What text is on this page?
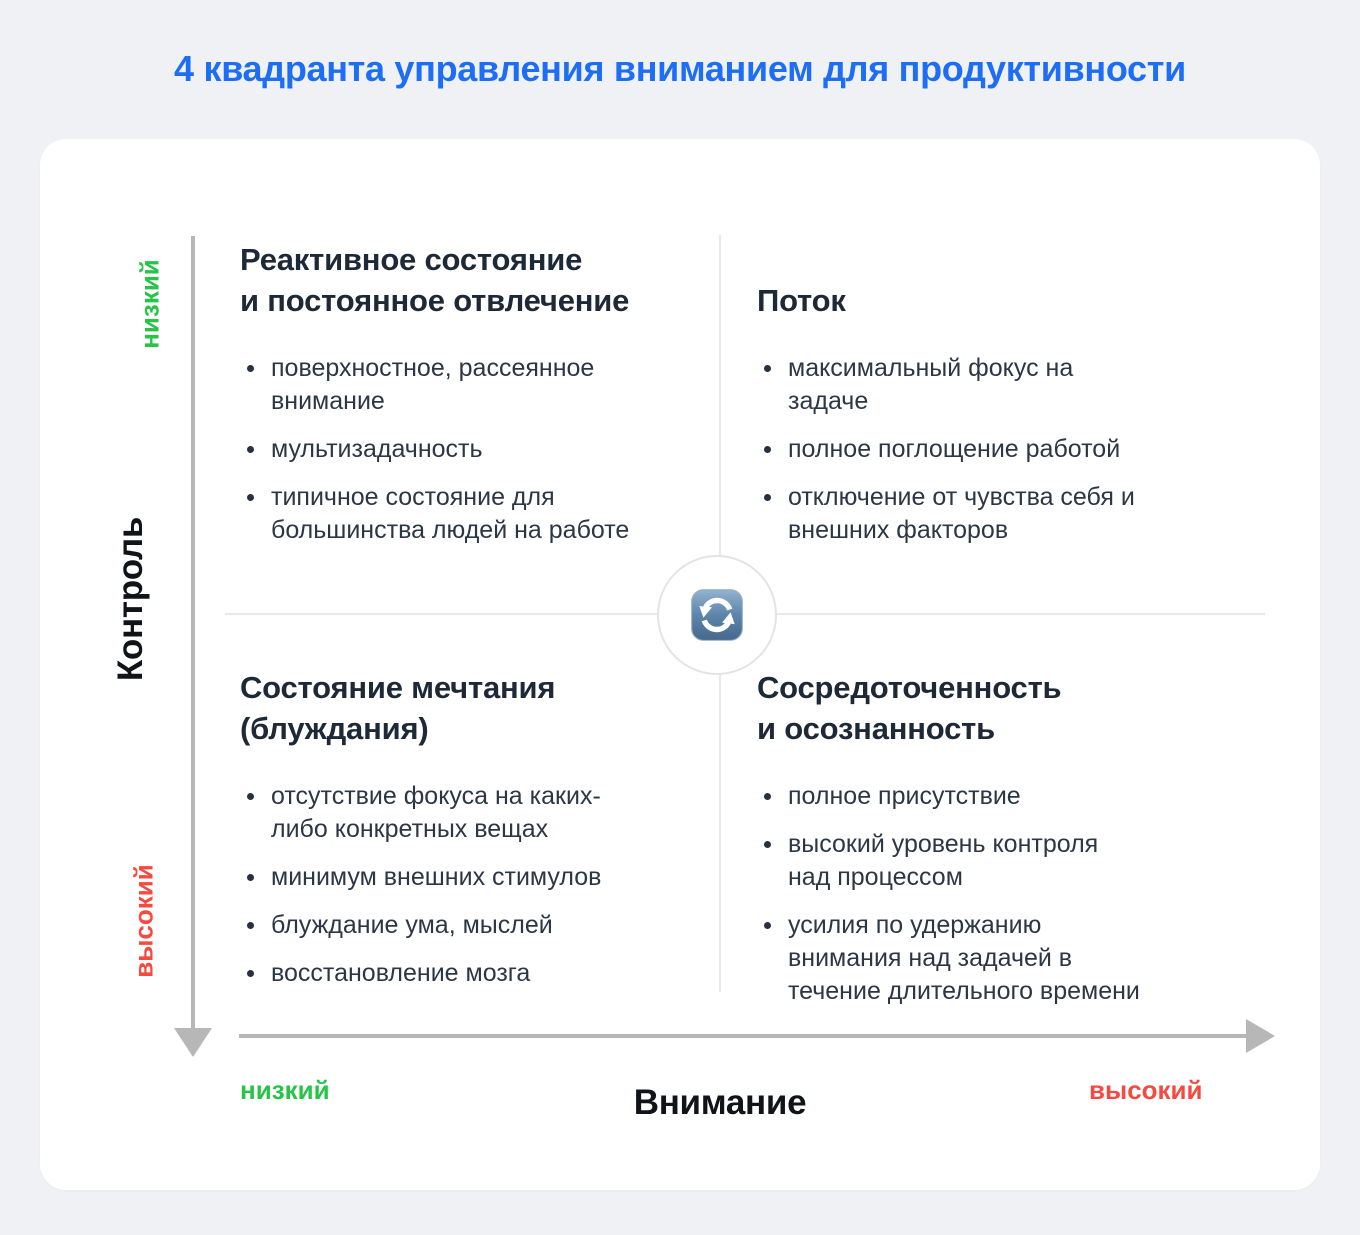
4 квадранта управления вниманием для продуктивности
низкий
Контроль
высокий
низкий	Внимание	высокий
Реактивное состояние
и постоянное отвлечение
поверхностное, рассеянное внимание
мультизадачность
типичное состояние для большинства людей на работе
Поток
максимальный фокус на задаче
полное поглощение работой
отключение от чувства себя и внешних факторов
Состояние мечтания
(блуждания)
отсутствие фокуса на каких-либо конкретных вещах
минимум внешних стимулов
блуждание ума, мыслей
восстановление мозга
Сосредоточенность
и осознанность
полное присутствие
высокий уровень контроля над процессом
усилия по удержанию внимания над задачей в течение длительного времени
